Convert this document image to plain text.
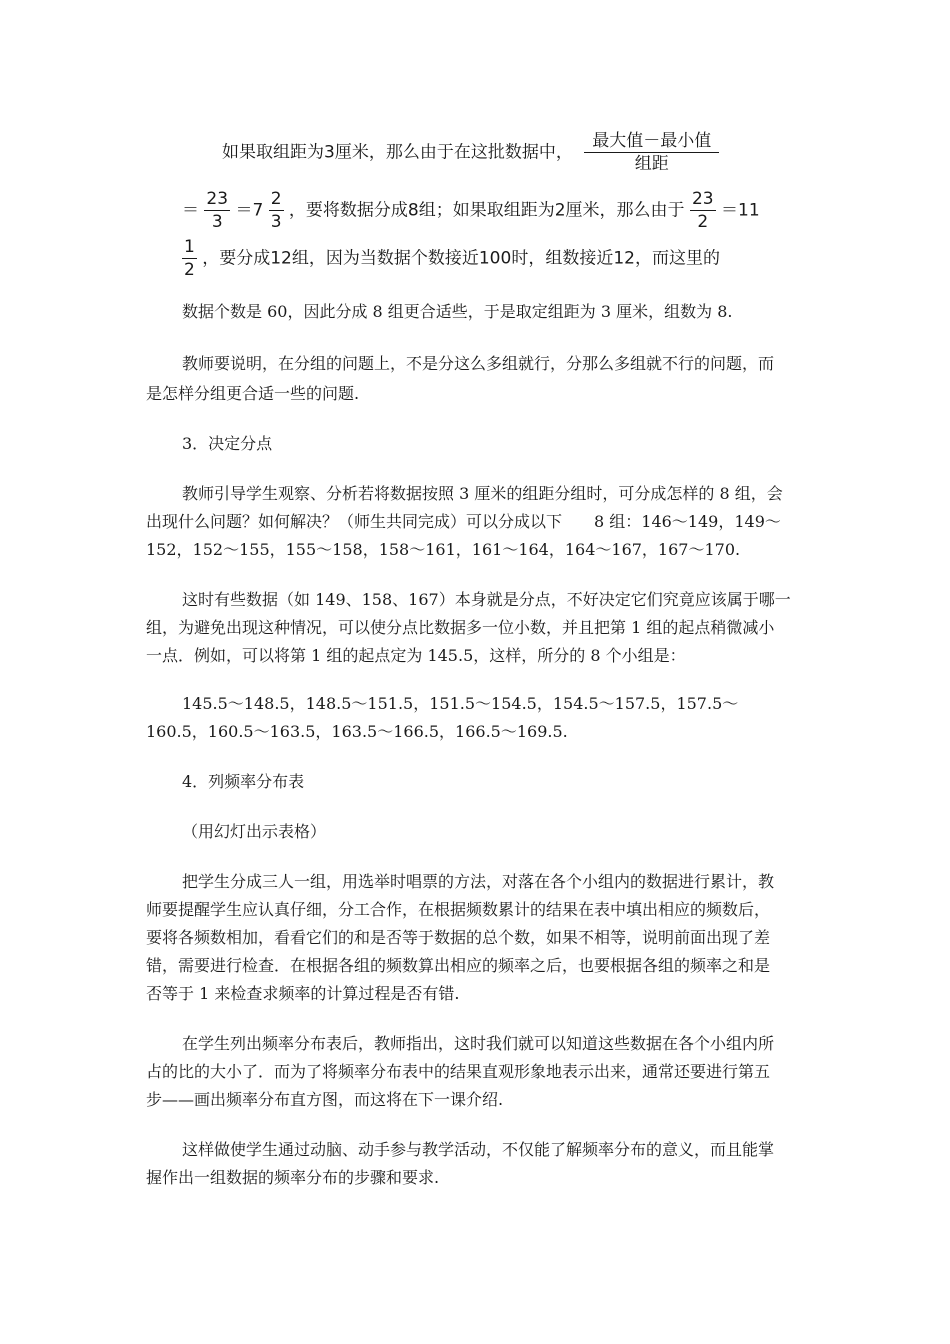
如果取组距为3厘米，那么由于在这批数据中， $\frac{\text{最大值－最小值}}{\text{组距}}$
＝ $\frac{23}{3} =7 \frac{2}{3}$ ，要将数据分成8组；如果取组距为2厘米，那么由于 $\frac{23}{2} =11$
$\frac{1}{2}$ ，要分成12组，因为当数据个数接近100时，组数接近12，而这里的
数据个数是 60，因此分成 8 组更合适些，于是取定组距为 3 厘米，组数为 8.
教师要说明，在分组的问题上，不是分这么多组就行，分那么多组就不行的问题，而
是怎样分组更合适一些的问题.
3．决定分点
教师引导学生观察、分析若将数据按照 3 厘米的组距分组时，可分成怎样的 8 组，会
出现什么问题？如何解决？（师生共同完成）可以分成以下　　8 组：146～149，149～
152，152～155，155～158，158～161，161～164，164～167，167～170.
这时有些数据（如 149、158、167）本身就是分点，不好决定它们究竟应该属于哪一
组，为避免出现这种情况，可以使分点比数据多一位小数，并且把第 1 组的起点稍微减小
一点．例如，可以将第 1 组的起点定为 145.5，这样，所分的 8 个小组是：
145.5～148.5，148.5～151.5，151.5～154.5，154.5～157.5，157.5～
160.5，160.5～163.5，163.5～166.5，166.5～169.5.
4．列频率分布表
（用幻灯出示表格）
把学生分成三人一组，用选举时唱票的方法，对落在各个小组内的数据进行累计，教
师要提醒学生应认真仔细，分工合作，在根据频数累计的结果在表中填出相应的频数后，
要将各频数相加，看看它们的和是否等于数据的总个数，如果不相等，说明前面出现了差
错，需要进行检查．在根据各组的频数算出相应的频率之后，也要根据各组的频率之和是
否等于 1 来检查求频率的计算过程是否有错.
在学生列出频率分布表后，教师指出，这时我们就可以知道这些数据在各个小组内所
占的比的大小了．而为了将频率分布表中的结果直观形象地表示出来，通常还要进行第五
步——画出频率分布直方图，而这将在下一课介绍.
这样做使学生通过动脑、动手参与教学活动，不仅能了解频率分布的意义，而且能掌
握作出一组数据的频率分布的步骤和要求.
